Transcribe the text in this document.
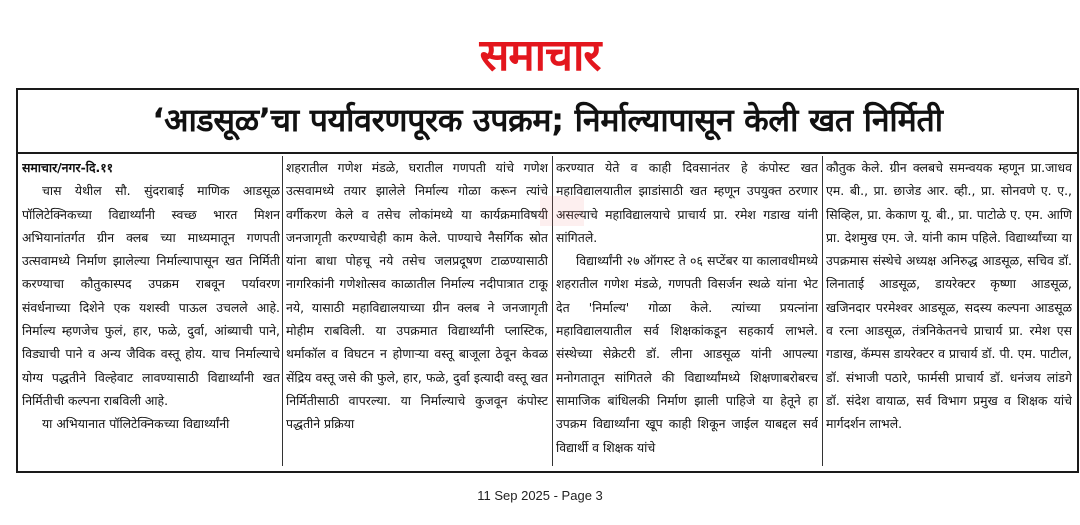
समाचार
‘आडसूळ’चा पर्यावरणपूरक उपक्रम; निर्माल्यापासून केली खत निर्मिती

समाचार/नगर-दि.११

चास येथील सौ. सुंदराबाई माणिक आडसूळ पॉलिटेक्निकच्या विद्यार्थ्यांनी स्वच्छ भारत मिशन अभियानांतर्गत ग्रीन क्लब च्या माध्यमातून गणपती उत्सवामध्ये निर्माण झालेल्या निर्माल्यापासून खत निर्मिती करण्याचा कौतुकास्पद उपक्रम राबवून पर्यावरण संवर्धनाच्या दिशेने एक यशस्वी पाऊल उचलले आहे. निर्माल्य म्हणजेच फुलं, हार, फळे, दुर्वा, आंब्याची पाने, विड्याची पाने व अन्य जैविक वस्तू होय. याच निर्माल्याचे योग्य पद्धतीने विल्हेवाट लावण्यासाठी विद्यार्थ्यांनी खत निर्मितीची कल्पना राबविली आहे.

या अभियानात पॉलिटेक्निकच्या विद्यार्थ्यांनी

शहरातील गणेश मंडळे, घरातील गणपती यांचे गणेश उत्सवामध्ये तयार झालेले निर्माल्य गोळा करून त्यांचे वर्गीकरण केले व तसेच लोकांमध्ये या कार्यक्रमाविषयी जनजागृती करण्याचेही काम केले. पाण्याचे नैसर्गिक स्रोत यांना बाधा पोहचू नये तसेच जलप्रदूषण टाळण्यासाठी नागरिकांनी गणेशोत्सव काळातील निर्माल्य नदीपात्रात टाकू नये, यासाठी महाविद्यालयाच्या ग्रीन क्लब ने जनजागृती मोहीम राबविली. या उपक्रमात विद्यार्थ्यांनी प्लास्टिक, थर्माकॉल व विघटन न होणाऱ्या वस्तू बाजूला ठेवून केवळ सेंद्रिय वस्तू जसे की फुले, हार, फळे, दुर्वा इत्यादी वस्तू खत निर्मितीसाठी वापरल्या. या निर्माल्याचे कुजवून कंपोस्ट पद्धतीने प्रक्रिया

करण्यात येते व काही दिवसानंतर हे कंपोस्ट खत महाविद्यालयातील झाडांसाठी खत म्हणून उपयुक्त ठरणार असल्याचे महाविद्यालयाचे प्राचार्य प्रा. रमेश गडाख यांनी सांगितले.

विद्यार्थ्यांनी २७ ऑगस्ट ते ०६ सप्टेंबर या कालावधीमध्ये शहरातील गणेश मंडळे, गणपती विसर्जन स्थळे यांना भेट देत 'निर्माल्य' गोळा केले. त्यांच्या प्रयत्नांना महाविद्यालयातील सर्व शिक्षकांकडून सहकार्य लाभले. संस्थेच्या सेक्रेटरी डॉ. लीना आडसूळ यांनी आपल्या मनोगतातून सांगितले की विद्यार्थ्यांमध्ये शिक्षणाबरोबरच सामाजिक बांधिलकी निर्माण झाली पाहिजे या हेतूने हा उपक्रम विद्यार्थ्यांना खूप काही शिकून जाईल याबद्दल सर्व विद्यार्थी व शिक्षक यांचे

कौतुक केले. ग्रीन क्लबचे समन्वयक म्हणून प्रा.जाधव एम. बी., प्रा. छाजेड आर. व्ही., प्रा. सोनवणे ए. ए., सिव्हिल, प्रा. केकाण यू. बी., प्रा. पाटोळे ए. एम. आणि प्रा. देशमुख एम. जे. यांनी काम पहिले. विद्यार्थ्यांच्या या उपक्रमास संस्थेचे अध्यक्ष अनिरुद्ध आडसूळ, सचिव डॉ. लिनाताई आडसूळ, डायरेक्टर कृष्णा आडसूळ, खजिनदार परमेश्वर आडसूळ, सदस्य कल्पना आडसूळ व रत्ना आडसूळ, तंत्रनिकेतनचे प्राचार्य प्रा. रमेश एस गडाख, कॅम्पस डायरेक्टर व प्राचार्य डॉ. पी. एम. पाटील, डॉ. संभाजी पठारे, फार्मसी प्राचार्य डॉ. धनंजय लांडगे डॉ. संदेश वायाळ, सर्व विभाग प्रमुख व शिक्षक यांचे मार्गदर्शन लाभले.

11 Sep 2025 - Page 3
